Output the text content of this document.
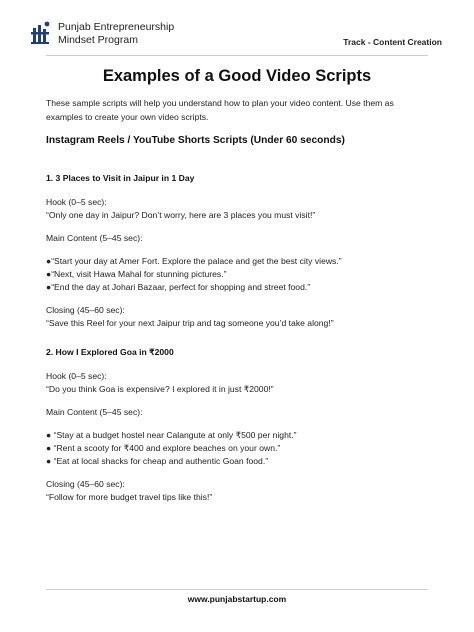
Punjab Entrepreneurship
Mindset Program	Track - Content Creation
Examples of a Good Video Scripts
These sample scripts will help you understand how to plan your video content. Use them as
examples to create your own video scripts.
Instagram Reels / YouTube Shorts Scripts (Under 60 seconds)
1. 3 Places to Visit in Jaipur in 1 Day
Hook (0–5 sec):
“Only one day in Jaipur? Don’t worry, here are 3 places you must visit!”
Main Content (5–45 sec):
●“Start your day at Amer Fort. Explore the palace and get the best city views.”
●“Next, visit Hawa Mahal for stunning pictures.”
●“End the day at Johari Bazaar, perfect for shopping and street food.”
Closing (45–60 sec):
“Save this Reel for your next Jaipur trip and tag someone you’d take along!”
2. How I Explored Goa in ₹2000
Hook (0–5 sec):
“Do you think Goa is expensive? I explored it in just ₹2000!”
Main Content (5–45 sec):
● “Stay at a budget hostel near Calangute at only ₹500 per night.”
● “Rent a scooty for ₹400 and explore beaches on your own.”
● “Eat at local shacks for cheap and authentic Goan food.”
Closing (45–60 sec):
“Follow for more budget travel tips like this!”
www.punjabstartup.com
